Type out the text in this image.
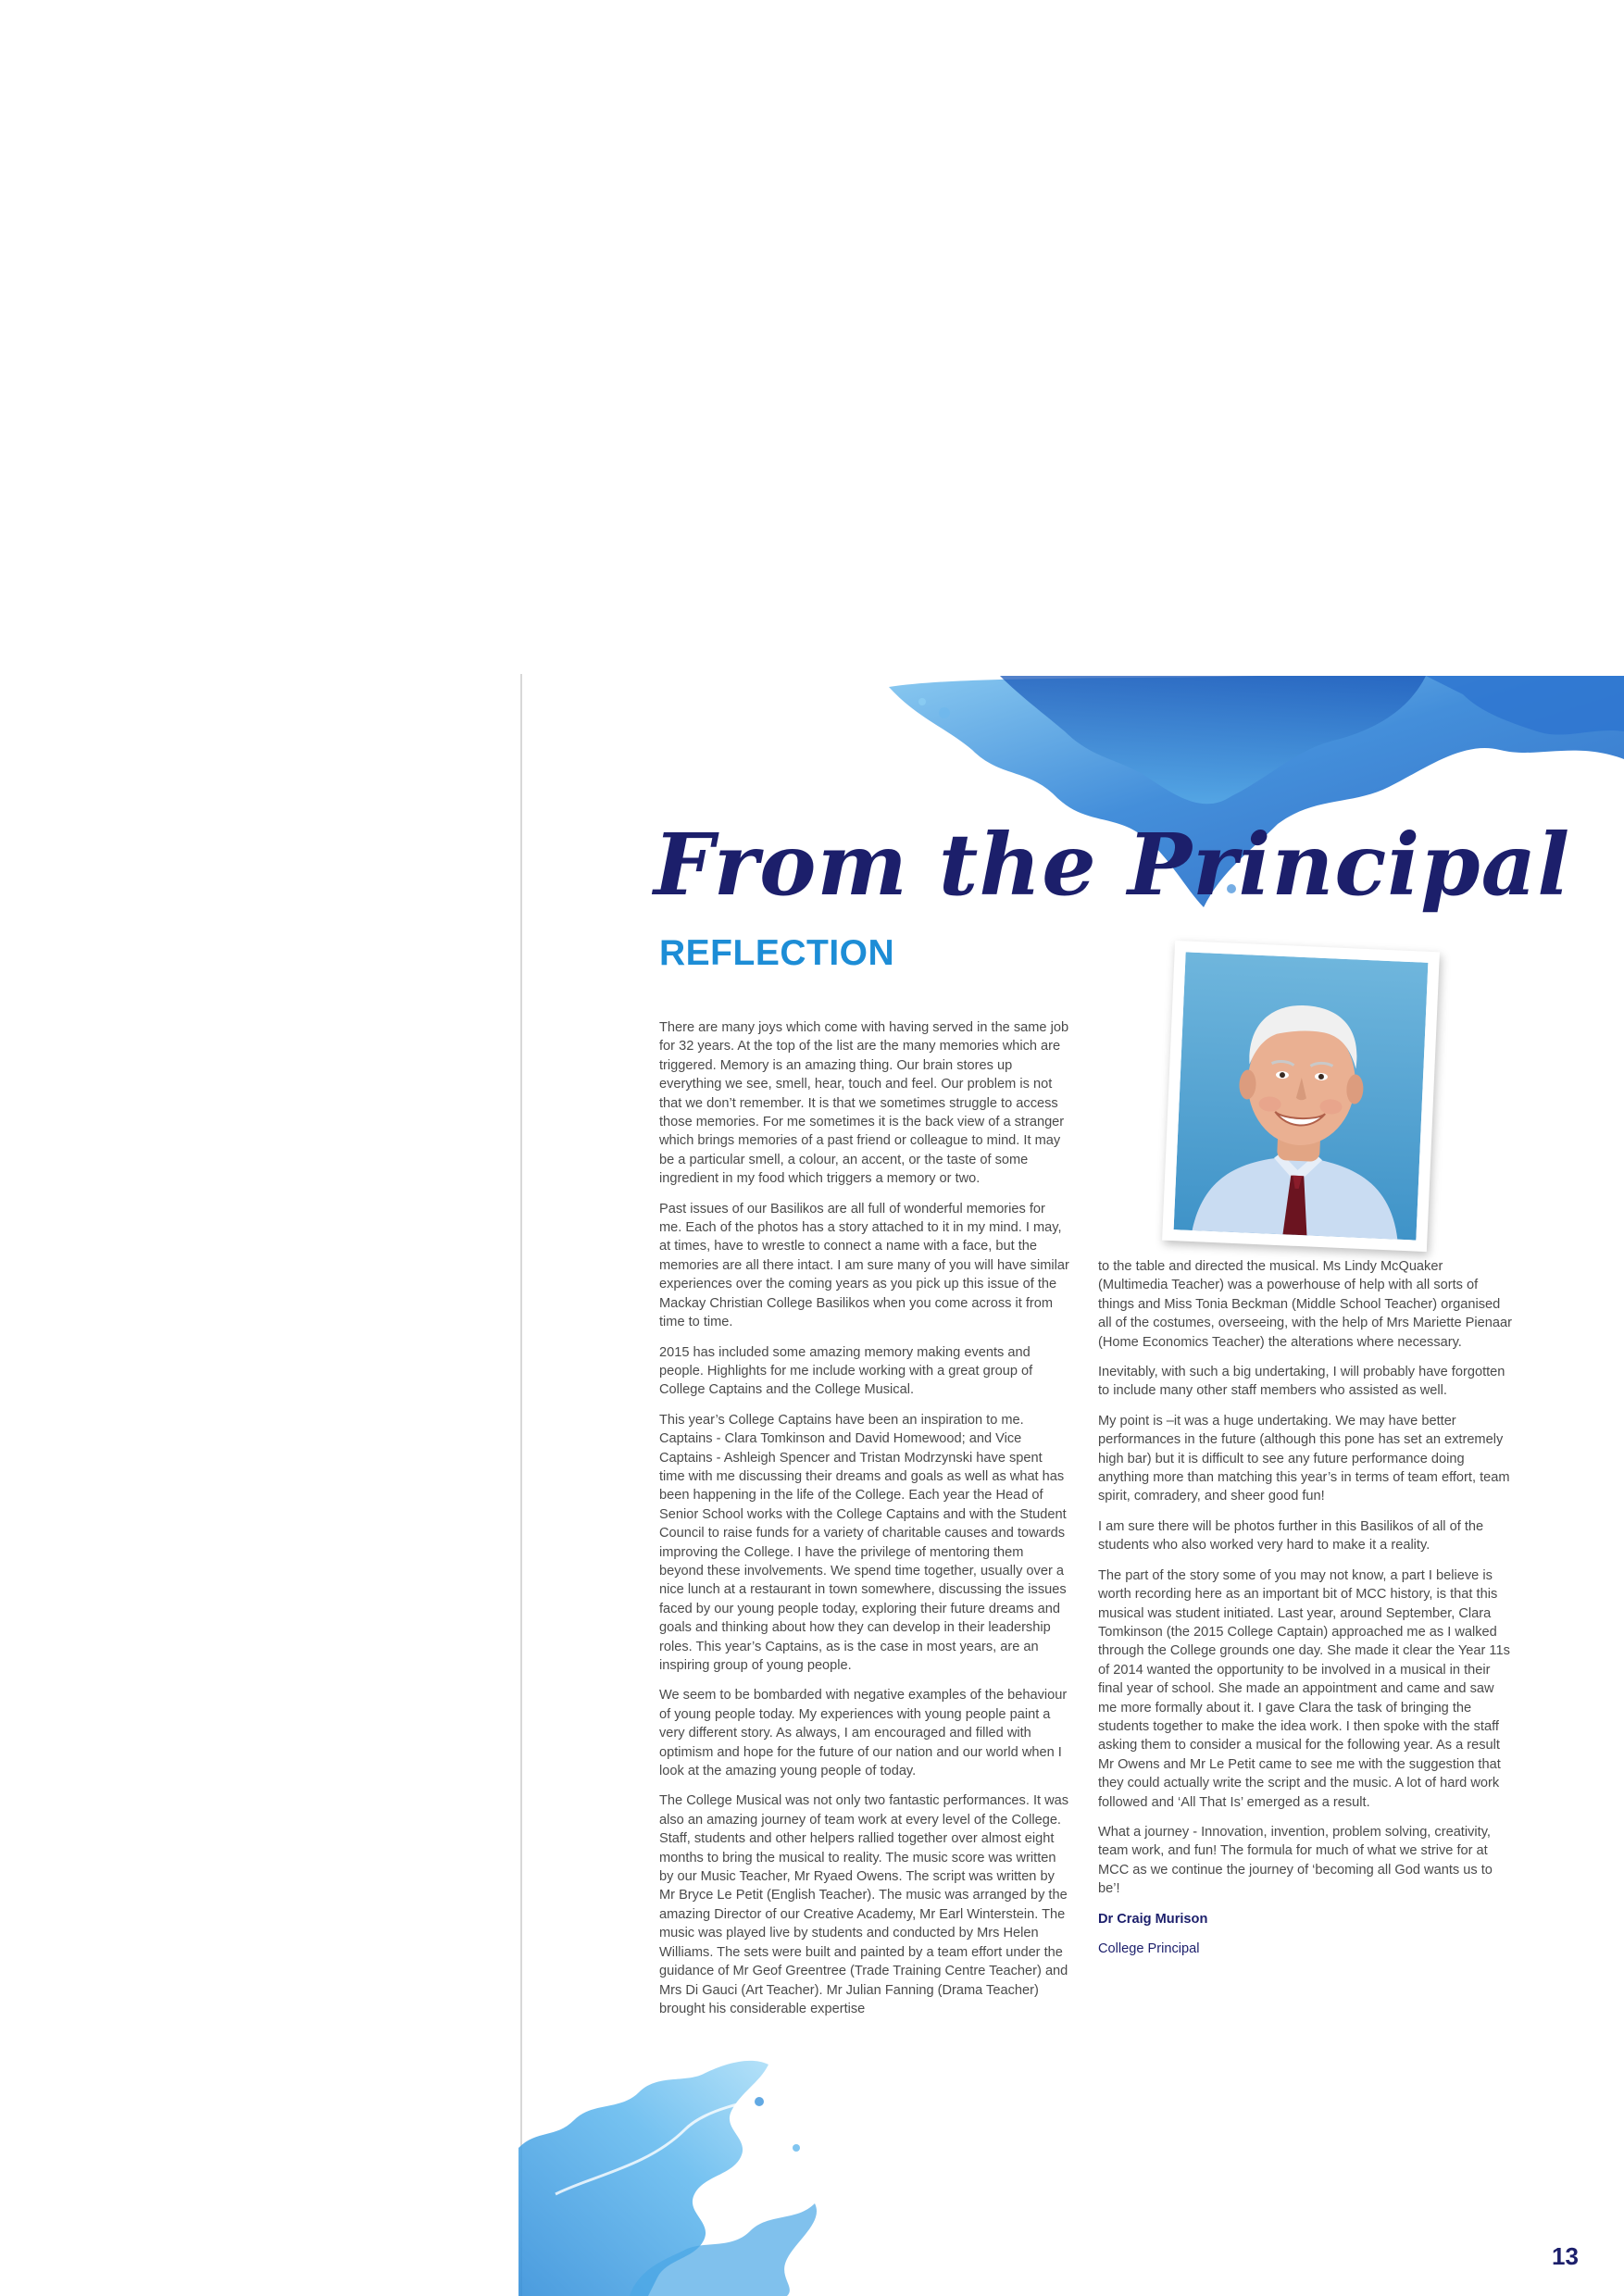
From the Principal
REFLECTION

There are many joys which come with having served in the same job for 32 years. At the top of the list are the many memories which are triggered. Memory is an amazing thing. Our brain stores up everything we see, smell, hear, touch and feel. Our problem is not that we don’t remember. It is that we sometimes struggle to access those memories. For me sometimes it is the back view of a stranger which brings memories of a past friend or colleague to mind. It may be a particular smell, a colour, an accent, or the taste of some ingredient in my food which triggers a memory or two.

Past issues of our Basilikos are all full of wonderful memories for me. Each of the photos has a story attached to it in my mind. I may, at times, have to wrestle to connect a name with a face, but the memories are all there intact. I am sure many of you will have similar experiences over the coming years as you pick up this issue of the Mackay Christian College Basilikos when you come across it from time to time.

2015 has included some amazing memory making events and people. Highlights for me include working with a great group of College Captains and the College Musical.

This year’s College Captains have been an inspiration to me. Captains - Clara Tomkinson and David Homewood; and Vice Captains - Ashleigh Spencer and Tristan Modrzynski have spent time with me discussing their dreams and goals as well as what has been happening in the life of the College. Each year the Head of Senior School works with the College Captains and with the Student Council to raise funds for a variety of charitable causes and towards improving the College. I have the privilege of mentoring them beyond these involvements. We spend time together, usually over a nice lunch at a restaurant in town somewhere, discussing the issues faced by our young people today, exploring their future dreams and goals and thinking about how they can develop in their leadership roles. This year’s Captains, as is the case in most years, are an inspiring group of young people.

We seem to be bombarded with negative examples of the behaviour of young people today. My experiences with young people paint a very different story. As always, I am encouraged and filled with optimism and hope for the future of our nation and our world when I look at the amazing young people of today.

The College Musical was not only two fantastic performances. It was also an amazing journey of team work at every level of the College. Staff, students and other helpers rallied together over almost eight months to bring the musical to reality. The music score was written by our Music Teacher, Mr Ryaed Owens. The script was written by Mr Bryce Le Petit (English Teacher). The music was arranged by the amazing Director of our Creative Academy, Mr Earl Winterstein. The music was played live by students and conducted by Mrs Helen Williams. The sets were built and painted by a team effort under the guidance of Mr Geof Greentree (Trade Training Centre Teacher) and Mrs Di Gauci (Art Teacher). Mr Julian Fanning (Drama Teacher) brought his considerable expertise

to the table and directed the musical. Ms Lindy McQuaker (Multimedia Teacher) was a powerhouse of help with all sorts of things and Miss Tonia Beckman (Middle School Teacher) organised all of the costumes, overseeing, with the help of Mrs Mariette Pienaar (Home Economics Teacher) the alterations where necessary.

Inevitably, with such a big undertaking, I will probably have forgotten to include many other staff members who assisted as well.

My point is –it was a huge undertaking. We may have better performances in the future (although this pone has set an extremely high bar) but it is difficult to see any future performance doing anything more than matching this year’s in terms of team effort, team spirit, comradery, and sheer good fun!

I am sure there will be photos further in this Basilikos of all of the students who also worked very hard to make it a reality.

The part of the story some of you may not know, a part I believe is worth recording here as an important bit of MCC history, is that this musical was student initiated. Last year, around September, Clara Tomkinson (the 2015 College Captain) approached me as I walked through the College grounds one day. She made it clear the Year 11s of 2014 wanted the opportunity to be involved in a musical in their final year of school. She made an appointment and came and saw me more formally about it. I gave Clara the task of bringing the students together to make the idea work. I then spoke with the staff asking them to consider a musical for the following year. As a result Mr Owens and Mr Le Petit came to see me with the suggestion that they could actually write the script and the music. A lot of hard work followed and ‘All That Is’ emerged as a result.

What a journey - Innovation, invention, problem solving, creativity, team work, and fun! The formula for much of what we strive for at MCC as we continue the journey of ‘becoming all God wants us to be’!

Dr Craig Murison

College Principal

13
